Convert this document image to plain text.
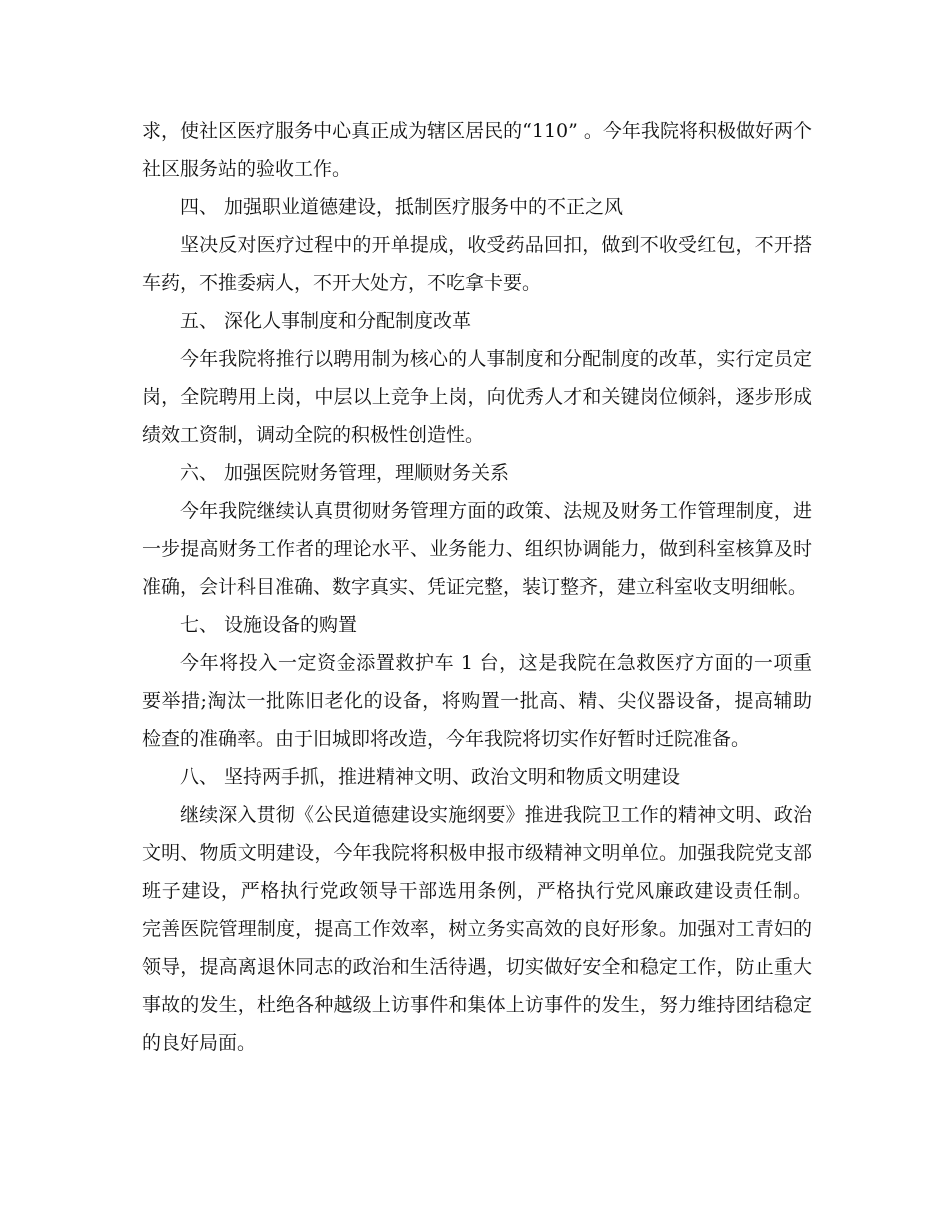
求，使社区医疗服务中心真正成为辖区居民的“110” 。今年我院将积极做好两个社区服务站的验收工作。

四、 加强职业道德建设，抵制医疗服务中的不正之风

坚决反对医疗过程中的开单提成，收受药品回扣，做到不收受红包，不开搭车药，不推委病人，不开大处方，不吃拿卡要。

五、 深化人事制度和分配制度改革

今年我院将推行以聘用制为核心的人事制度和分配制度的改革，实行定员定岗，全院聘用上岗，中层以上竞争上岗，向优秀人才和关键岗位倾斜，逐步形成绩效工资制，调动全院的积极性创造性。

六、 加强医院财务管理，理顺财务关系

今年我院继续认真贯彻财务管理方面的政策、法规及财务工作管理制度，进一步提高财务工作者的理论水平、业务能力、组织协调能力，做到科室核算及时准确，会计科目准确、数字真实、凭证完整，装订整齐，建立科室收支明细帐。

七、 设施设备的购置

今年将投入一定资金添置救护车 1 台，这是我院在急救医疗方面的一项重要举措;淘汰一批陈旧老化的设备，将购置一批高、精、尖仪器设备，提高辅助检查的准确率。由于旧城即将改造，今年我院将切实作好暂时迁院准备。

八、 坚持两手抓，推进精神文明、政治文明和物质文明建设

继续深入贯彻《公民道德建设实施纲要》推进我院卫工作的精神文明、政治文明、物质文明建设，今年我院将积极申报市级精神文明单位。加强我院党支部班子建设，严格执行党政领导干部选用条例，严格执行党风廉政建设责任制。 完善医院管理制度，提高工作效率，树立务实高效的良好形象。加强对工青妇的领导，提高离退休同志的政治和生活待遇，切实做好安全和稳定工作，防止重大事故的发生，杜绝各种越级上访事件和集体上访事件的发生，努力维持团结稳定的良好局面。
